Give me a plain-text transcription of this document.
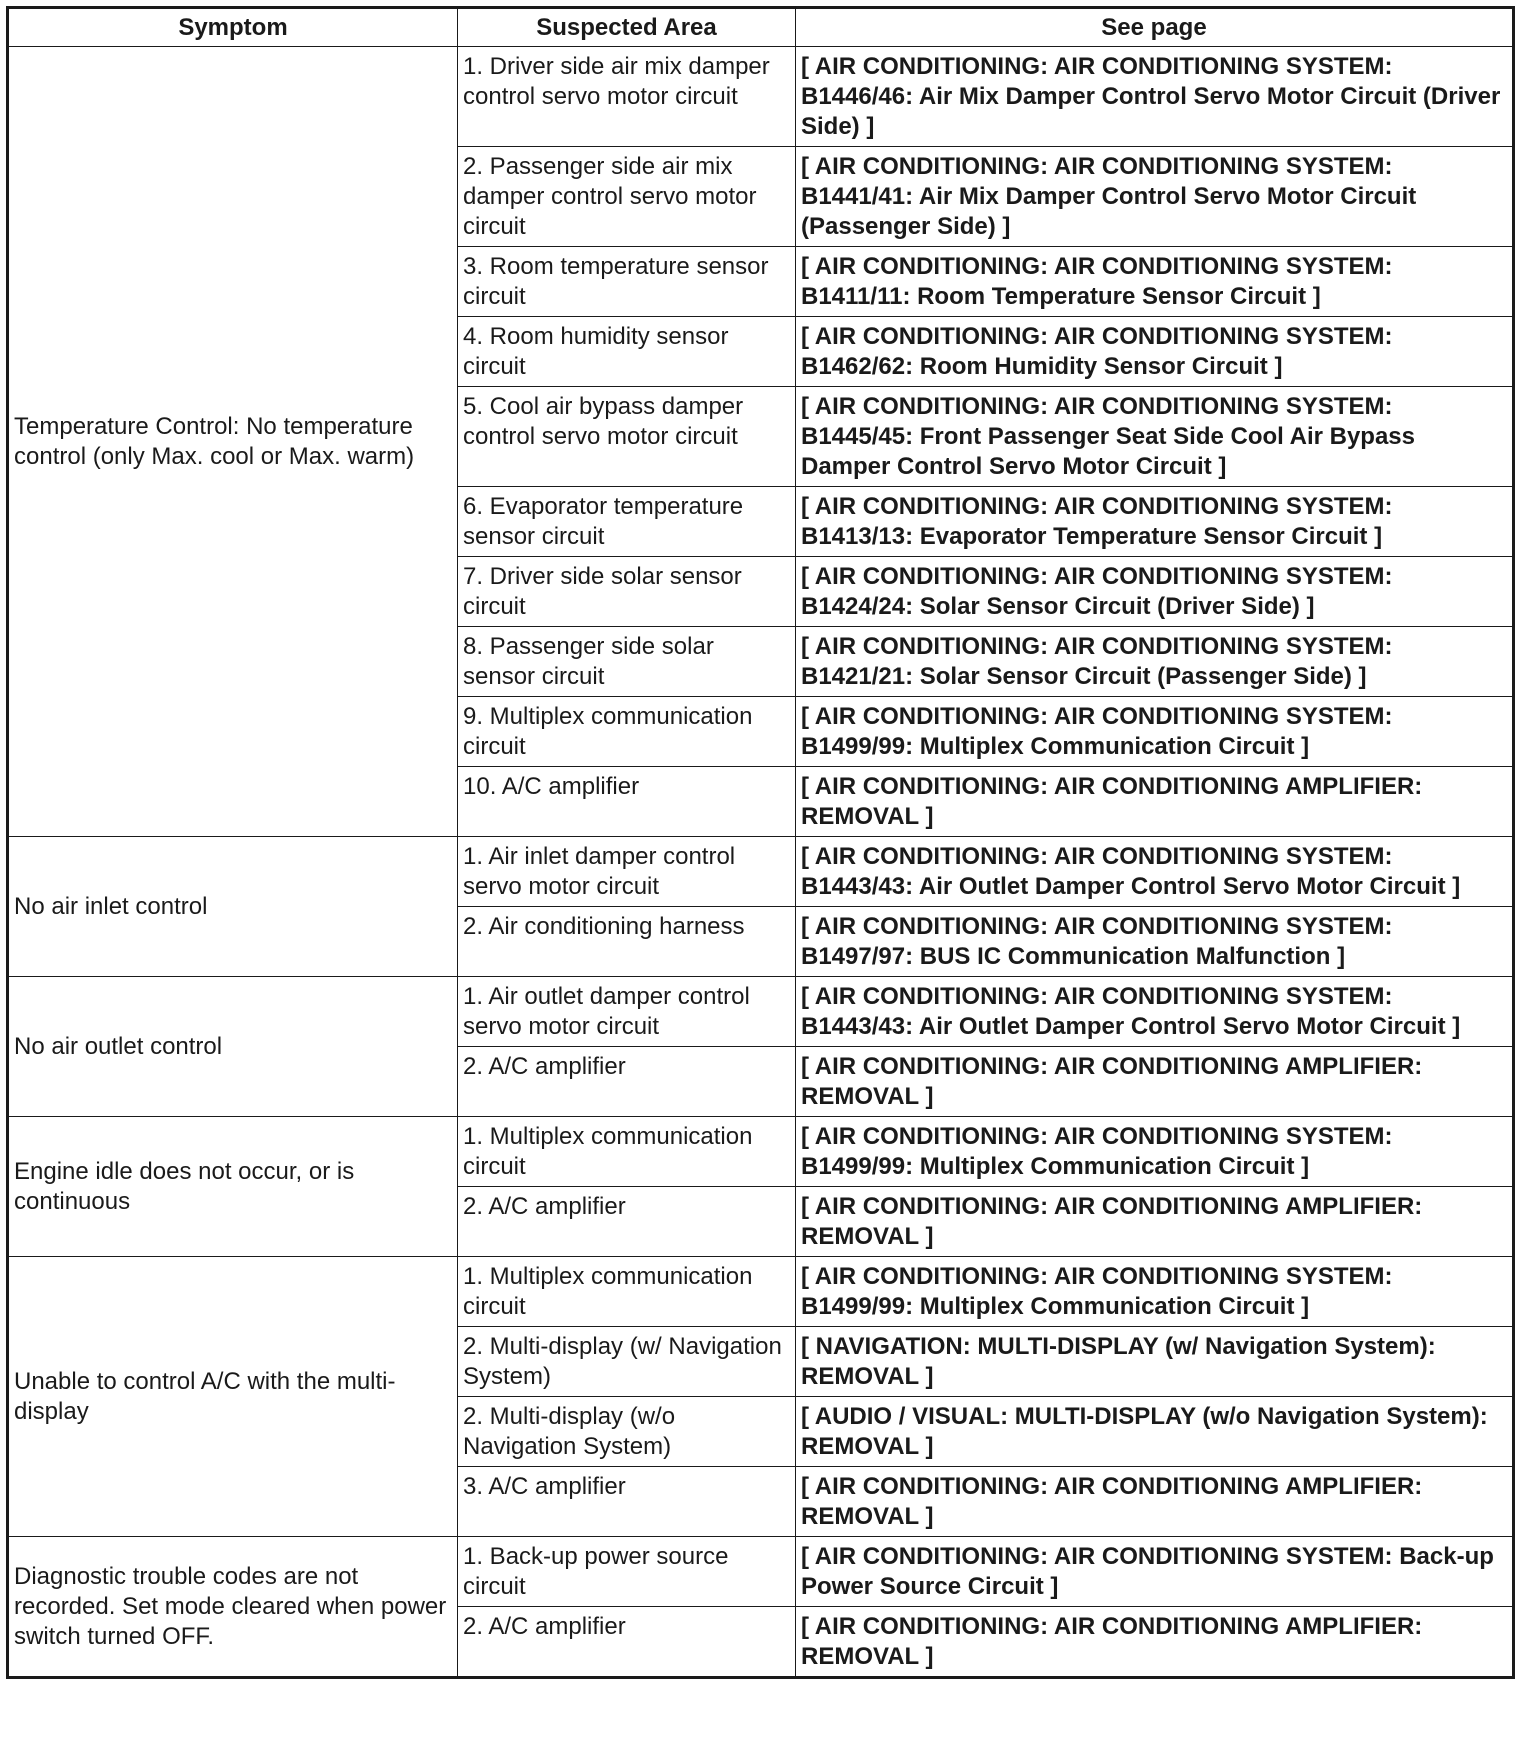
Symptom	Suspected Area	See page
Temperature Control: No temperature control (only Max. cool or Max. warm)	1. Driver side air mix damper control servo motor circuit	[ AIR CONDITIONING: AIR CONDITIONING SYSTEM: B1446/46: Air Mix Damper Control Servo Motor Circuit (Driver Side) ]
	2. Passenger side air mix damper control servo motor circuit	[ AIR CONDITIONING: AIR CONDITIONING SYSTEM: B1441/41: Air Mix Damper Control Servo Motor Circuit (Passenger Side) ]
	3. Room temperature sensor circuit	[ AIR CONDITIONING: AIR CONDITIONING SYSTEM: B1411/11: Room Temperature Sensor Circuit ]
	4. Room humidity sensor circuit	[ AIR CONDITIONING: AIR CONDITIONING SYSTEM: B1462/62: Room Humidity Sensor Circuit ]
	5. Cool air bypass damper control servo motor circuit	[ AIR CONDITIONING: AIR CONDITIONING SYSTEM: B1445/45: Front Passenger Seat Side Cool Air Bypass Damper Control Servo Motor Circuit ]
	6. Evaporator temperature sensor circuit	[ AIR CONDITIONING: AIR CONDITIONING SYSTEM: B1413/13: Evaporator Temperature Sensor Circuit ]
	7. Driver side solar sensor circuit	[ AIR CONDITIONING: AIR CONDITIONING SYSTEM: B1424/24: Solar Sensor Circuit (Driver Side) ]
	8. Passenger side solar sensor circuit	[ AIR CONDITIONING: AIR CONDITIONING SYSTEM: B1421/21: Solar Sensor Circuit (Passenger Side) ]
	9. Multiplex communication circuit	[ AIR CONDITIONING: AIR CONDITIONING SYSTEM: B1499/99: Multiplex Communication Circuit ]
	10. A/C amplifier	[ AIR CONDITIONING: AIR CONDITIONING AMPLIFIER: REMOVAL ]
No air inlet control	1. Air inlet damper control servo motor circuit	[ AIR CONDITIONING: AIR CONDITIONING SYSTEM: B1443/43: Air Outlet Damper Control Servo Motor Circuit ]
	2. Air conditioning harness	[ AIR CONDITIONING: AIR CONDITIONING SYSTEM: B1497/97: BUS IC Communication Malfunction ]
No air outlet control	1. Air outlet damper control servo motor circuit	[ AIR CONDITIONING: AIR CONDITIONING SYSTEM: B1443/43: Air Outlet Damper Control Servo Motor Circuit ]
	2. A/C amplifier	[ AIR CONDITIONING: AIR CONDITIONING AMPLIFIER: REMOVAL ]
Engine idle does not occur, or is continuous	1. Multiplex communication circuit	[ AIR CONDITIONING: AIR CONDITIONING SYSTEM: B1499/99: Multiplex Communication Circuit ]
	2. A/C amplifier	[ AIR CONDITIONING: AIR CONDITIONING AMPLIFIER: REMOVAL ]
Unable to control A/C with the multi-display	1. Multiplex communication circuit	[ AIR CONDITIONING: AIR CONDITIONING SYSTEM: B1499/99: Multiplex Communication Circuit ]
	2. Multi-display (w/ Navigation System)	[ NAVIGATION: MULTI-DISPLAY (w/ Navigation System): REMOVAL ]
	2. Multi-display (w/o Navigation System)	[ AUDIO / VISUAL: MULTI-DISPLAY (w/o Navigation System): REMOVAL ]
	3. A/C amplifier	[ AIR CONDITIONING: AIR CONDITIONING AMPLIFIER: REMOVAL ]
Diagnostic trouble codes are not recorded. Set mode cleared when power switch turned OFF.	1. Back-up power source circuit	[ AIR CONDITIONING: AIR CONDITIONING SYSTEM: Back-up Power Source Circuit ]
	2. A/C amplifier	[ AIR CONDITIONING: AIR CONDITIONING AMPLIFIER: REMOVAL ]
